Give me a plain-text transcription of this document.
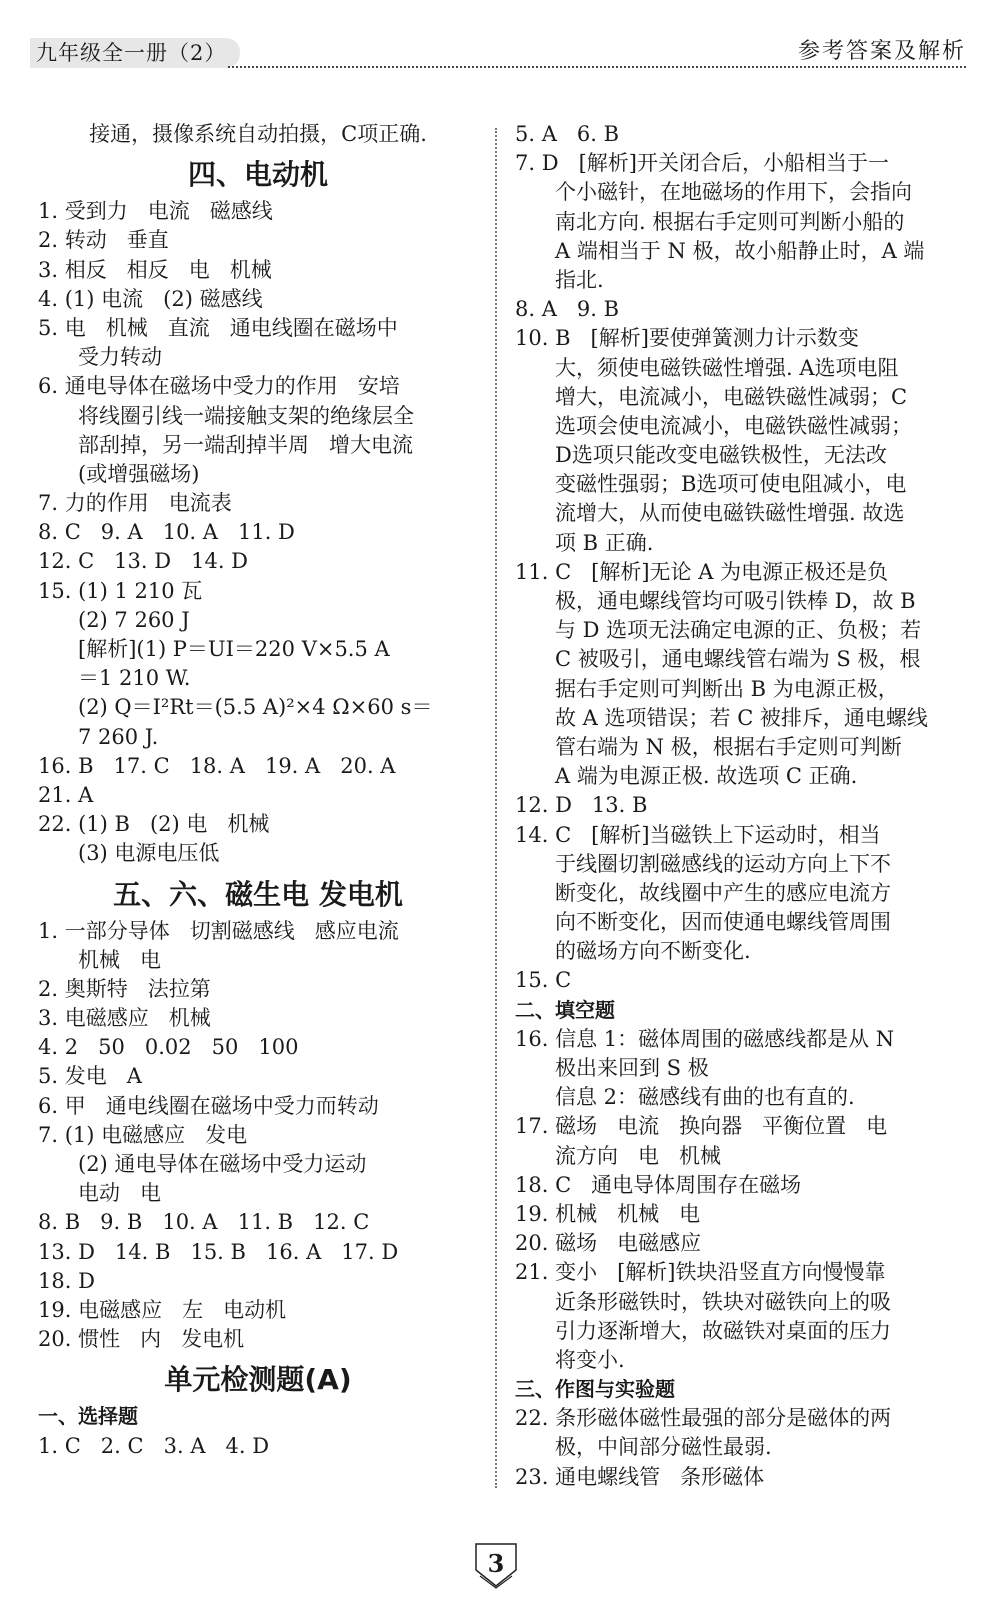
九年级全一册（2）	参考答案及解析
接通，摄像系统自动拍摄，C项正确.
四、电动机
1. 受到力   电流   磁感线
2. 转动   垂直
3. 相反   相反   电   机械
4. (1) 电流   (2) 磁感线
5. 电   机械   直流   通电线圈在磁场中
受力转动
6. 通电导体在磁场中受力的作用   安培
将线圈引线一端接触支架的绝缘层全
部刮掉，另一端刮掉半周   增大电流
(或增强磁场)
7. 力的作用   电流表
8. C   9. A   10. A   11. D
12. C   13. D   14. D
15. (1) 1 210 瓦
(2) 7 260 J
[解析](1) P＝UI＝220 V×5.5 A
＝1 210 W.
(2) Q＝I²Rt＝(5.5 A)²×4 Ω×60 s＝
7 260 J.
16. B   17. C   18. A   19. A   20. A
21. A
22. (1) B   (2) 电   机械
(3) 电源电压低
五、六、磁生电 发电机
1. 一部分导体   切割磁感线   感应电流
机械   电
2. 奥斯特   法拉第
3. 电磁感应   机械
4. 2   50   0.02   50   100
5. 发电   A
6. 甲   通电线圈在磁场中受力而转动
7. (1) 电磁感应   发电
(2) 通电导体在磁场中受力运动
电动   电
8. B   9. B   10. A   11. B   12. C
13. D   14. B   15. B   16. A   17. D
18. D
19. 电磁感应   左   电动机
20. 惯性   内   发电机
单元检测题(A)
一、选择题
1. C   2. C   3. A   4. D
5. A   6. B
7. D   [解析]开关闭合后，小船相当于一
个小磁针，在地磁场的作用下，会指向
南北方向. 根据右手定则可判断小船的
A 端相当于 N 极，故小船静止时，A 端
指北.
8. A   9. B
10. B   [解析]要使弹簧测力计示数变
大，须使电磁铁磁性增强. A选项电阻
增大，电流减小，电磁铁磁性减弱；C
选项会使电流减小，电磁铁磁性减弱；
D选项只能改变电磁铁极性，无法改
变磁性强弱；B选项可使电阻减小，电
流增大，从而使电磁铁磁性增强. 故选
项 B 正确.
11. C   [解析]无论 A 为电源正极还是负
极，通电螺线管均可吸引铁棒 D，故 B
与 D 选项无法确定电源的正、负极；若
C 被吸引，通电螺线管右端为 S 极，根
据右手定则可判断出 B 为电源正极，
故 A 选项错误；若 C 被排斥，通电螺线
管右端为 N 极，根据右手定则可判断
A 端为电源正极. 故选项 C 正确.
12. D   13. B
14. C   [解析]当磁铁上下运动时，相当
于线圈切割磁感线的运动方向上下不
断变化，故线圈中产生的感应电流方
向不断变化，因而使通电螺线管周围
的磁场方向不断变化.
15. C
二、填空题
16. 信息 1：磁体周围的磁感线都是从 N
极出来回到 S 极
信息 2：磁感线有曲的也有直的.
17. 磁场   电流   换向器   平衡位置   电
流方向   电   机械
18. C   通电导体周围存在磁场
19. 机械   机械   电
20. 磁场   电磁感应
21. 变小   [解析]铁块沿竖直方向慢慢靠
近条形磁铁时，铁块对磁铁向上的吸
引力逐渐增大，故磁铁对桌面的压力
将变小.
三、作图与实验题
22. 条形磁体磁性最强的部分是磁体的两
极，中间部分磁性最弱.
23. 通电螺线管   条形磁体
3
